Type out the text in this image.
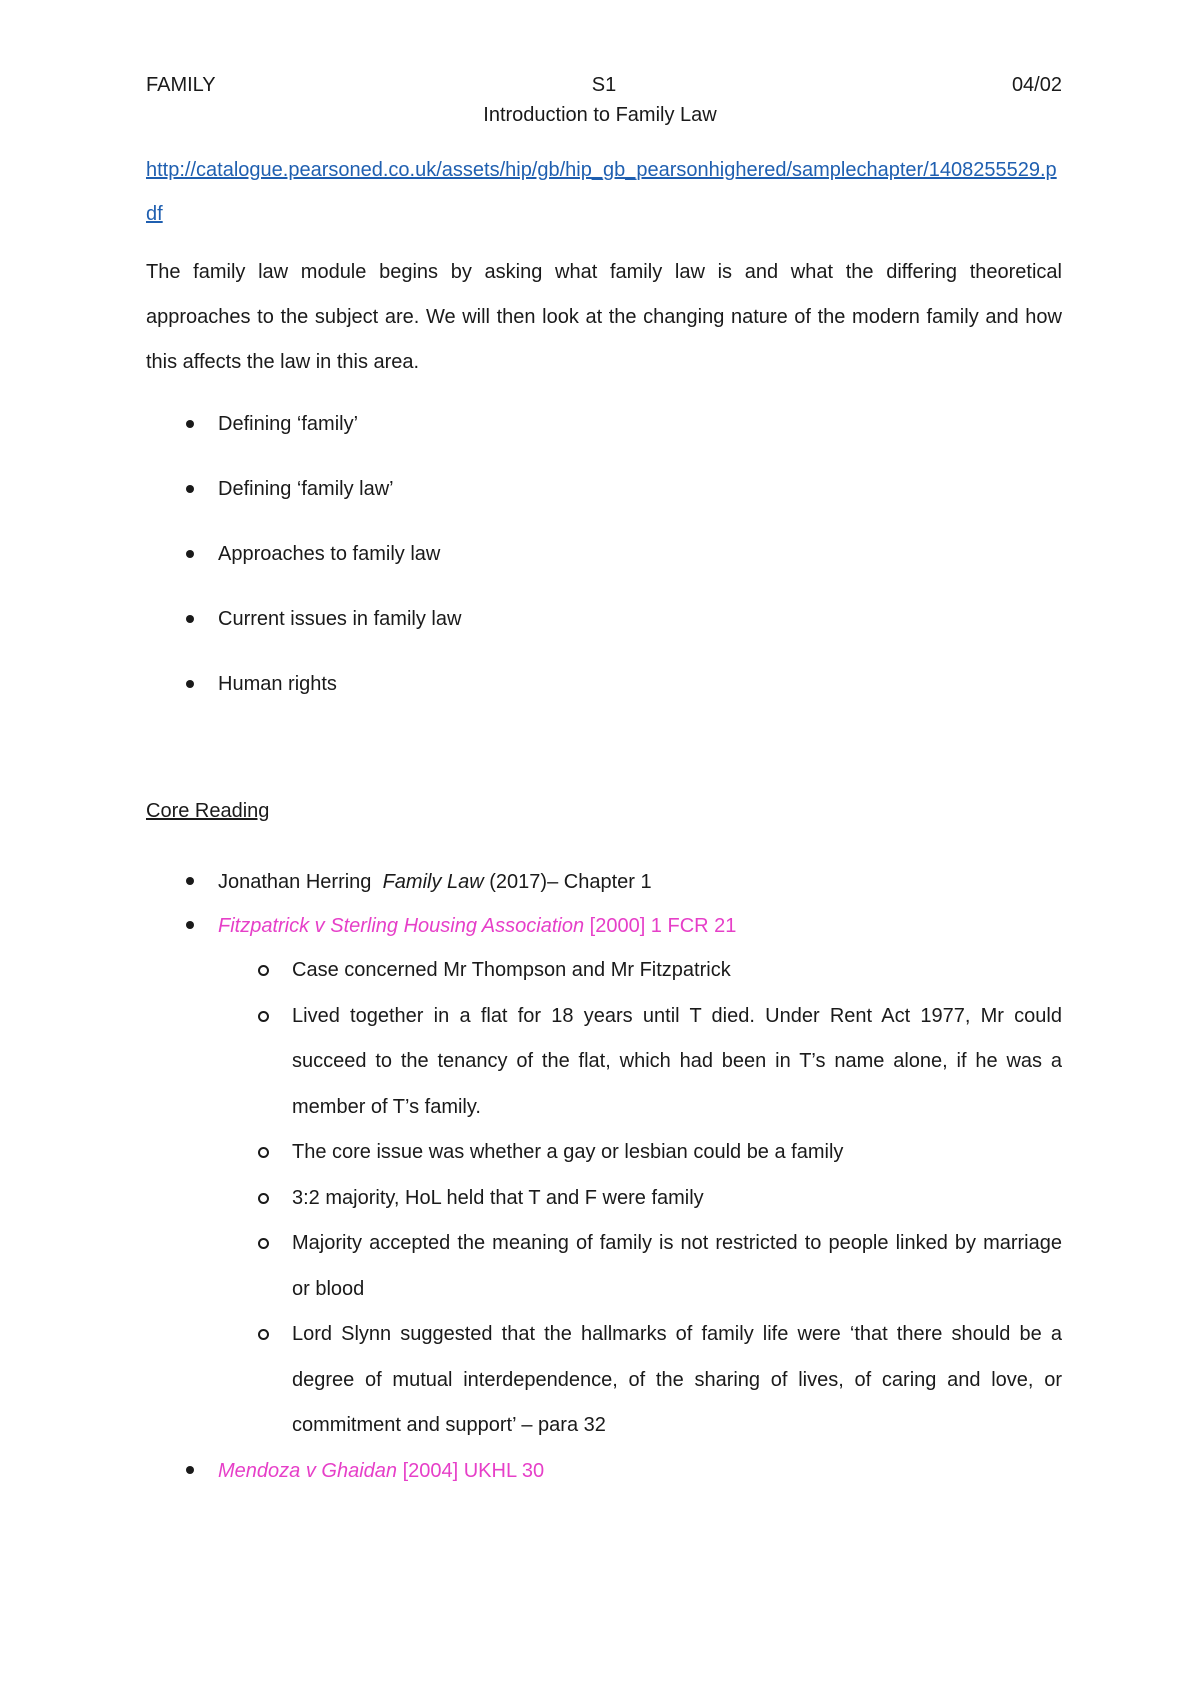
FAMILY	S1	04/02
Introduction to Family Law
http://catalogue.pearsoned.co.uk/assets/hip/gb/hip_gb_pearsonhighered/samplechapter/1408255529.pdf

The family law module begins by asking what family law is and what the differing theoretical approaches to the subject are. We will then look at the changing nature of the modern family and how this affects the law in this area.

Defining ‘family’
Defining ‘family law’
Approaches to family law
Current issues in family law
Human rights
Core Reading
Jonathan Herring Family Law (2017)– Chapter 1
Fitzpatrick v Sterling Housing Association [2000] 1 FCR 21
Case concerned Mr Thompson and Mr Fitzpatrick
Lived together in a flat for 18 years until T died. Under Rent Act 1977, Mr could succeed to the tenancy of the flat, which had been in T’s name alone, if he was a member of T’s family.
The core issue was whether a gay or lesbian could be a family
3:2 majority, HoL held that T and F were family
Majority accepted the meaning of family is not restricted to people linked by marriage or blood
Lord Slynn suggested that the hallmarks of family life were ‘that there should be a degree of mutual interdependence, of the sharing of lives, of caring and love, or commitment and support’ – para 32
Mendoza v Ghaidan [2004] UKHL 30
